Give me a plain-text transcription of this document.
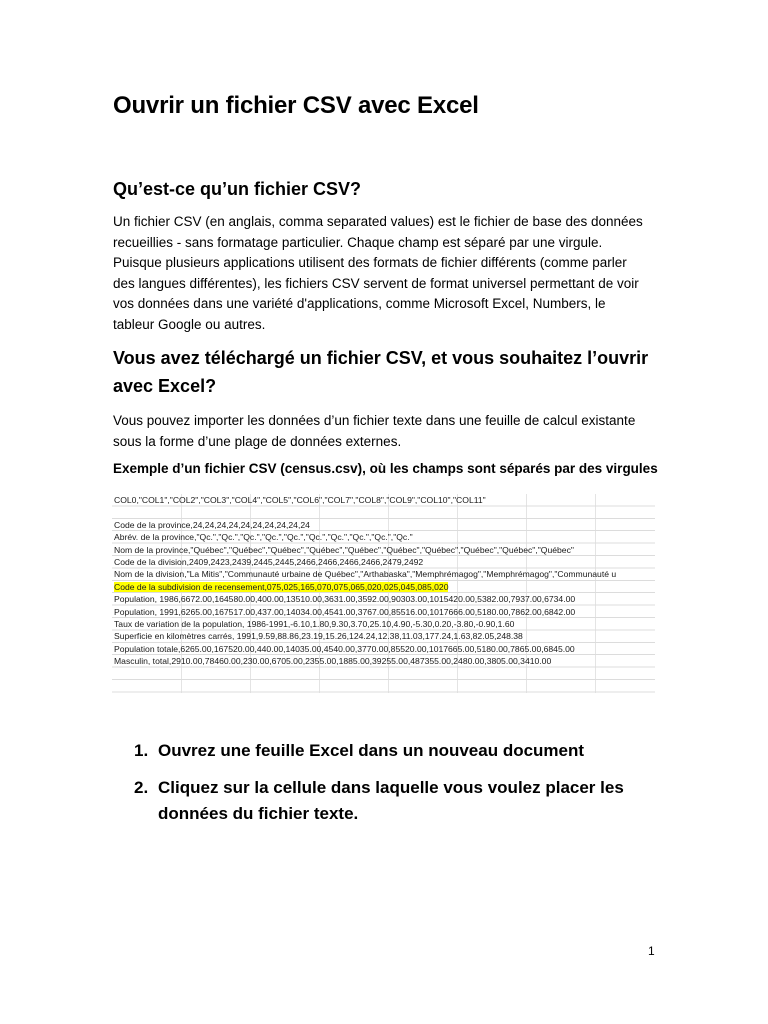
Ouvrir un fichier CSV avec Excel
Qu’est-ce qu’un fichier CSV?
Un fichier CSV (en anglais, comma separated values) est le fichier de base des données
recueillies - sans formatage particulier. Chaque champ est séparé par une virgule.
Puisque plusieurs applications utilisent des formats de fichier différents (comme parler
des langues différentes), les fichiers CSV servent de format universel permettant de voir
vos données dans une variété d'applications, comme Microsoft Excel, Numbers, le
tableur Google ou autres.
Vous avez téléchargé un fichier CSV, et vous souhaitez l’ouvrir
avec Excel?
Vous pouvez importer les données d’un fichier texte dans une feuille de calcul existante
sous la forme d’une plage de données externes.

Exemple d’un fichier CSV (census.csv), où les champs sont séparés par des virgules

COL0,"COL1","COL2","COL3","COL4","COL5","COL6","COL7","COL8","COL9","COL10","COL11"
Code de la province,24,24,24,24,24,24,24,24,24,24
Abrév. de la province,"Qc.","Qc.","Qc.","Qc.","Qc.","Qc.","Qc.","Qc.","Qc.","Qc."
Nom de la province,"Québec","Québec","Québec","Québec","Québec","Québec","Québec","Québec","Québec","Québec"
Code de la division,2409,2423,2439,2445,2445,2466,2466,2466,2466,2479,2492
Nom de la division,"La Mitis","Communauté urbaine de Québec","Arthabaska","Memphrémagog","Memphrémagog","Communauté u
Code de la subdivision de recensement,075,025,165,070,075,065,020,025,045,085,020
Population, 1986,6672.00,164580.00,400.00,13510.00,3631.00,3592.00,90303.00,1015420.00,5382.00,7937.00,6734.00
Population, 1991,6265.00,167517.00,437.00,14034.00,4541.00,3767.00,85516.00,1017666.00,5180.00,7862.00,6842.00
Taux de variation de la population, 1986-1991,-6.10,1.80,9.30,3.70,25.10,4.90,-5.30,0.20,-3.80,-0.90,1.60
Superficie en kilomètres carrés, 1991,9.59,88.86,23.19,15.26,124.24,12.38,11.03,177.24,1.63,82.05,248.38
Population totale,6265.00,167520.00,440.00,14035.00,4540.00,3770.00,85520.00,1017665.00,5180.00,7865.00,6845.00
Masculin, total,2910.00,78460.00,230.00,6705.00,2355.00,1885.00,39255.00,487355.00,2480.00,3805.00,3410.00
1. Ouvrez une feuille Excel dans un nouveau document
2. Cliquez sur la cellule dans laquelle vous voulez placer les données du fichier texte.
1
